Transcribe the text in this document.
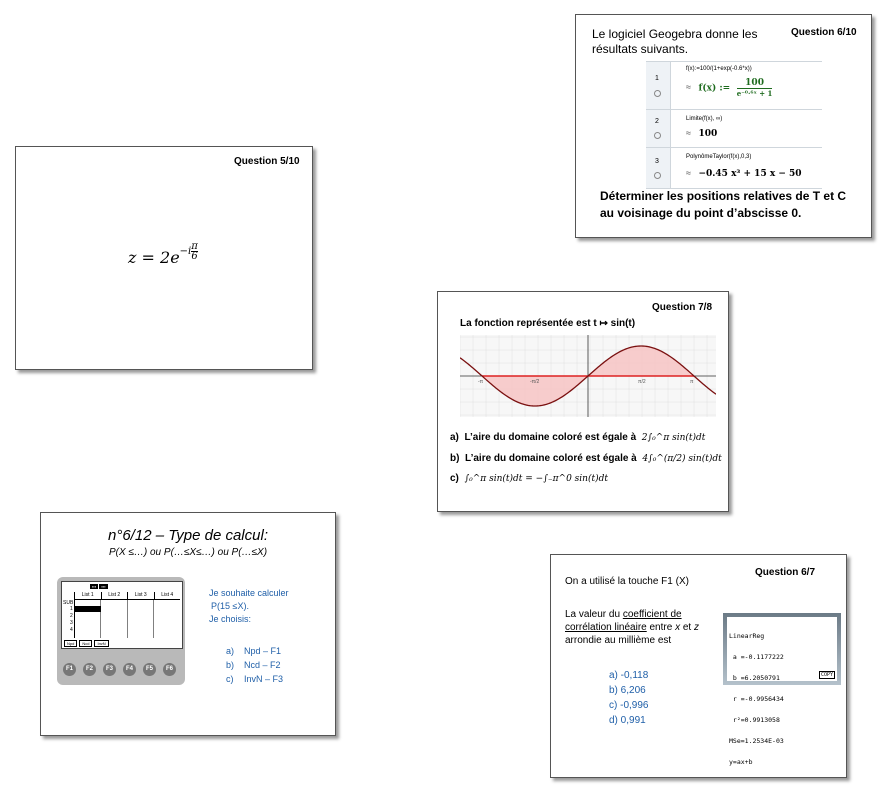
Question 5/10
$z = 2e^{-i \frac{\pi}{6}}$
Question 6/10
Le logiciel Geogebra donne les résultats suivants.
1
f(x):=100/(1+exp(-0.6*x))
≈ f(x) :=
100
e⁻⁰·⁶ˣ + 1
2	Limite(f(x), ∞)
≈ 100
3
PolynômeTaylor(f(x),0,3)
≈ −0.45 x³ + 15 x − 50
Déterminer les positions relatives de T et C au voisinage du point d’abscisse 0.
Question 7/8
La fonction représentée est t ↦ sin(t)
-π	-π/2	π/2	π
a) L’aire du domaine coloré est égale à 2∫₀^π sin(t)dt
b) L’aire du domaine coloré est égale à 4∫₀^(π/2) sin(t)dt
c) ∫₀^π sin(t)dt = −∫₋π^0 sin(t)dt
n°6/12 – Type de calcul:
P(X ≤…) ou P(…≤X≤…) ou P(…≤X)
▪▪▪ ▪▪▪
List 1	List 2	List 3	List 4
SUB
1
2
3
4
Npd	Ncd	InvN
F1	F2	F3	F4	F5	F6
Je souhaite calculer
P(15 ≤X).
Je choisis:
a) Npd – F1
b) Ncd – F2
c) InvN – F3
Question 6/7
On a utilisé la touche F1 (X)
La valeur du coefficient de corrélation linéaire entre x et z arrondie au millième est

	LinearReg

a =-0.1177222

b =6.2050791

r =-0.9956434

r²=0.9913058

MSe=1.2534E-03

y=ax+b

COPY

a) -0,118
b) 6,206
c) -0,996
d) 0,991
